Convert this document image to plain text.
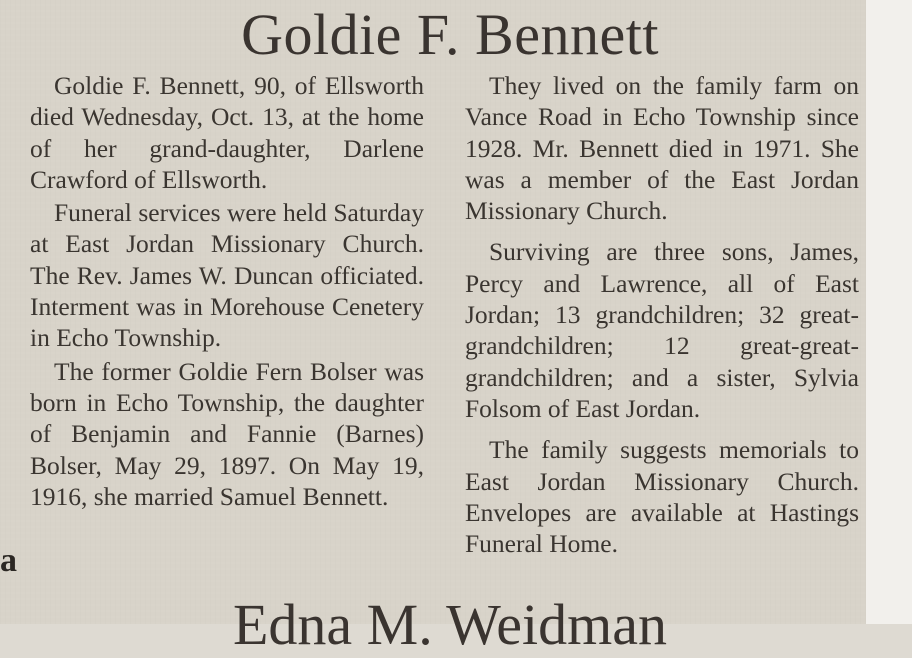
Goldie F. Bennett

Goldie F. Bennett, 90, of Ellsworth died Wednesday, Oct. 13, at the home of her grand-daughter, Darlene Crawford of Ellsworth.

Funeral services were held Saturday at East Jordan Missionary Church. The Rev. James W. Duncan officiated. Interment was in Morehouse Cenetery in Echo Township.

The former Goldie Fern Bolser was born in Echo Township, the daughter of Benjamin and Fannie (Barnes) Bolser, May 29, 1897. On May 19, 1916, she married Samuel Bennett.

They lived on the family farm on Vance Road in Echo Township since 1928. Mr. Bennett died in 1971. She was a member of the East Jordan Missionary Church.

Surviving are three sons, James, Percy and Lawrence, all of East Jordan; 13 grandchildren; 32 great-grandchildren; 12 great-great-grandchildren; and a sister, Sylvia Folsom of East Jordan.

The family suggests memorials to East Jordan Missionary Church. Envelopes are available at Hastings Funeral Home.

a
Edna M. Weidman
